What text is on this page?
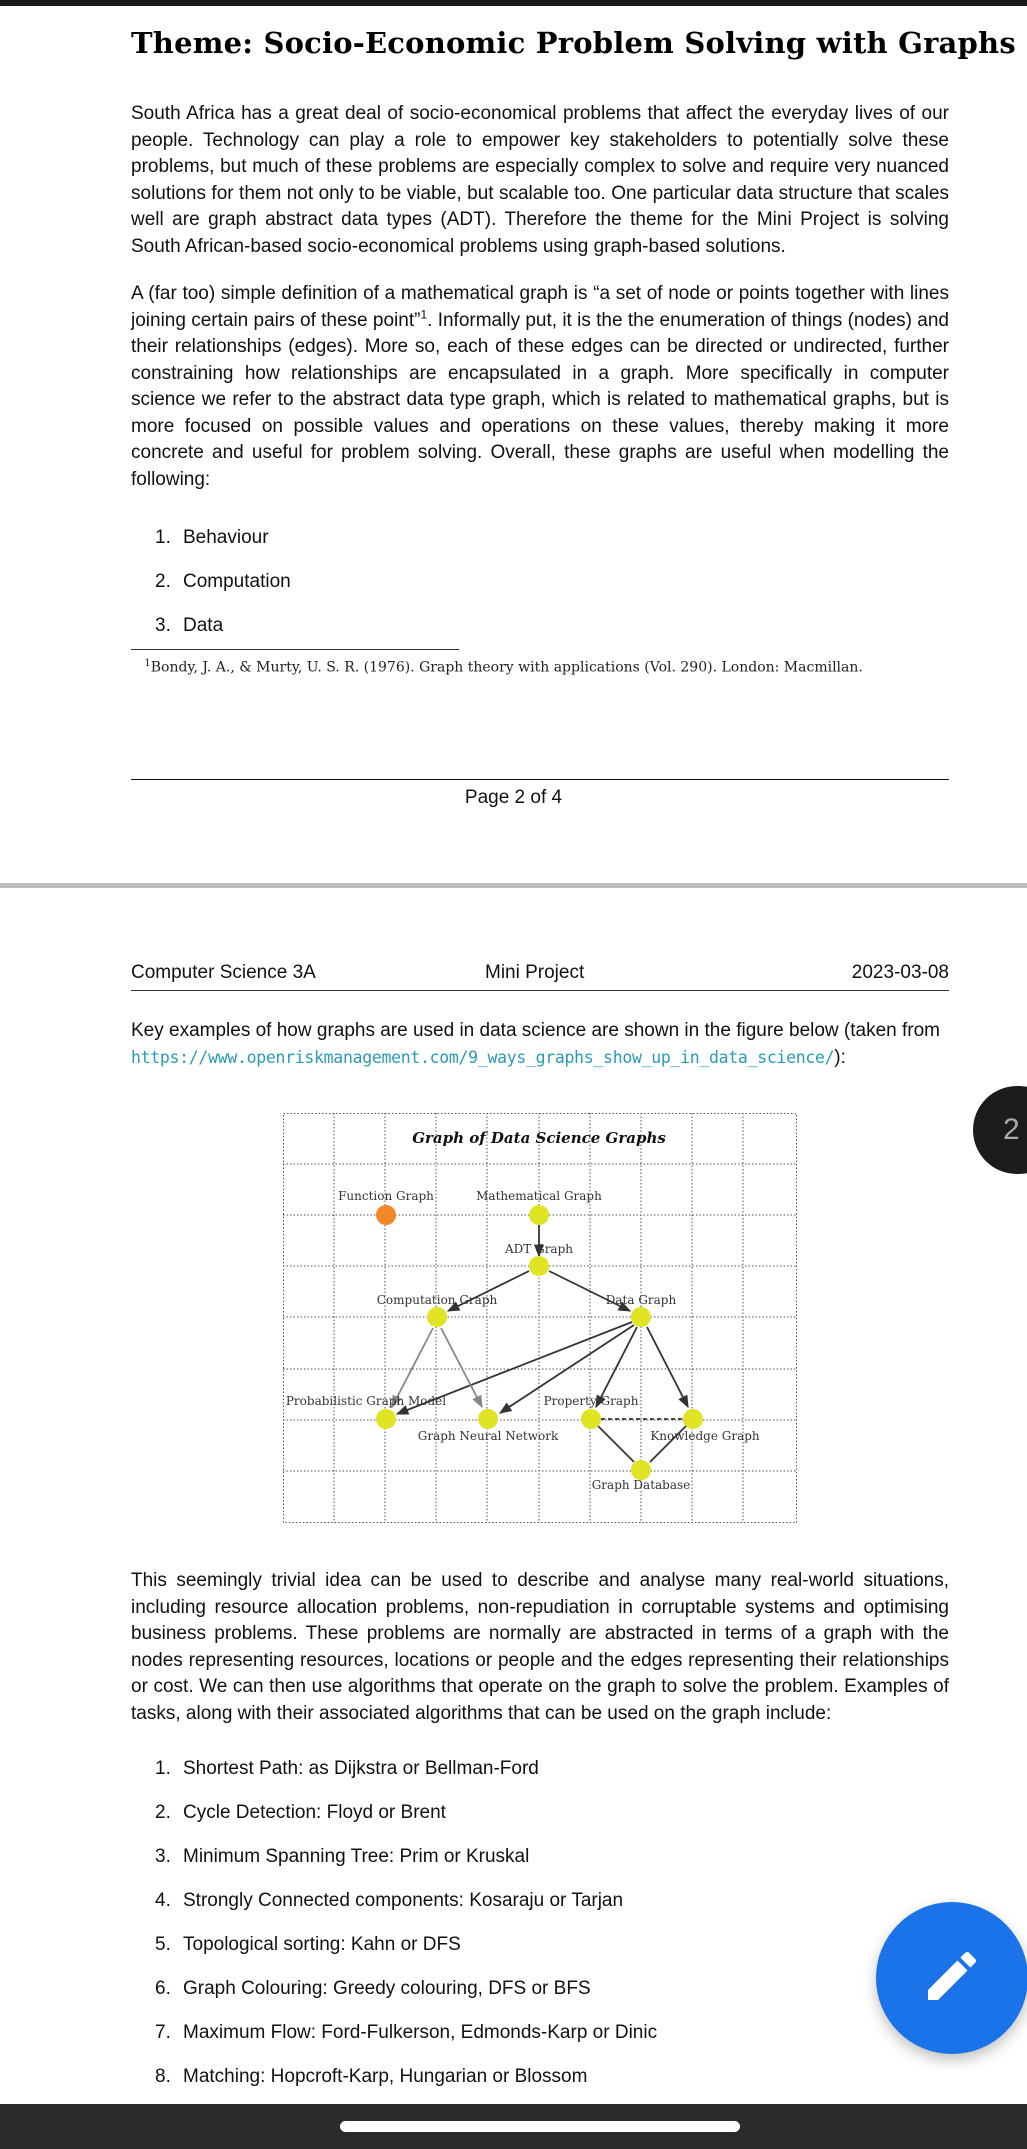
Theme: Socio-Economic Problem Solving with Graphs
South Africa has a great deal of socio-economical problems that affect the everyday lives of our people. Technology can play a role to empower key stakeholders to potentially solve these problems, but much of these problems are especially complex to solve and require very nuanced solutions for them not only to be viable, but scalable too. One particular data structure that scales well are graph abstract data types (ADT). Therefore the theme for the Mini Project is solving South African-based socio-economical problems using graph-based solutions.
A (far too) simple definition of a mathematical graph is “a set of node or points together with lines joining certain pairs of these point”$^1$. Informally put, it is the the enumeration of things (nodes) and their relationships (edges). More so, each of these edges can be directed or undirected, further constraining how relationships are encapsulated in a graph. More specifically in computer science we refer to the abstract data type graph, which is related to mathematical graphs, but is more focused on possible values and operations on these values, thereby making it more concrete and useful for problem solving. Overall, these graphs are useful when modelling the following:
1. Behaviour
2. Computation
3. Data
$^1$Bondy, J. A., & Murty, U. S. R. (1976). Graph theory with applications (Vol. 290). London: Macmillan.
Page 2 of 4
Computer Science 3A	Mini Project	2023-03-08
Key examples of how graphs are used in data science are shown in the figure below (taken from
https://www.openriskmanagement.com/9_ways_graphs_show_up_in_data_science/):
Graph of Data Science Graphs
Function Graph	Mathematical Graph
ADT Graph
Computation Graph	Data Graph
Probabilistic Graph Model
Graph Neural Network
Property Graph
Knowledge Graph
Graph Database
This seemingly trivial idea can be used to describe and analyse many real-world situations, including resource allocation problems, non-repudiation in corruptable systems and optimising business problems. These problems are normally are abstracted in terms of a graph with the nodes representing resources, locations or people and the edges representing their relationships or cost. We can then use algorithms that operate on the graph to solve the problem. Examples of tasks, along with their associated algorithms that can be used on the graph include:
1. Shortest Path: as Dijkstra or Bellman-Ford
2. Cycle Detection: Floyd or Brent
3. Minimum Spanning Tree: Prim or Kruskal
4. Strongly Connected components: Kosaraju or Tarjan
5. Topological sorting: Kahn or DFS
6. Graph Colouring: Greedy colouring, DFS or BFS
7. Maximum Flow: Ford-Fulkerson, Edmonds-Karp or Dinic
8. Matching: Hopcroft-Karp, Hungarian or Blossom
2
